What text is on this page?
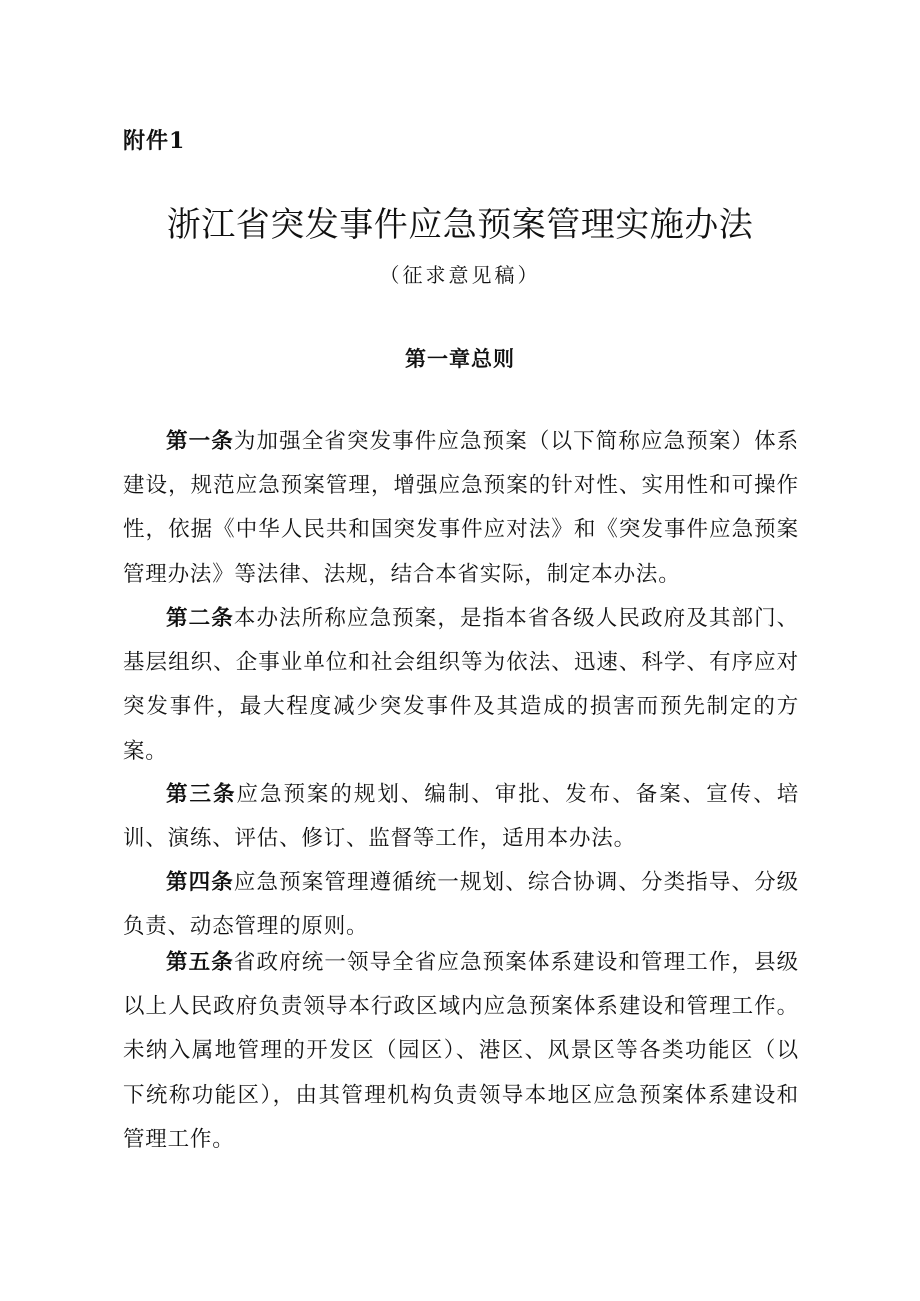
附件1
浙江省突发事件应急预案管理实施办法
（征求意见稿）
第一章总则

第一条为加强全省突发事件应急预案（以下简称应急预案）体系建设，规范应急预案管理，增强应急预案的针对性、实用性和可操作性，依据《中华人民共和国突发事件应对法》和《突发事件应急预案管理办法》等法律、法规，结合本省实际，制定本办法。

第二条本办法所称应急预案，是指本省各级人民政府及其部门、基层组织、企事业单位和社会组织等为依法、迅速、科学、有序应对突发事件，最大程度减少突发事件及其造成的损害而预先制定的方案。

第三条应急预案的规划、编制、审批、发布、备案、宣传、培训、演练、评估、修订、监督等工作，适用本办法。

第四条应急预案管理遵循统一规划、综合协调、分类指导、分级负责、动态管理的原则。

第五条省政府统一领导全省应急预案体系建设和管理工作，县级以上人民政府负责领导本行政区域内应急预案体系建设和管理工作。未纳入属地管理的开发区（园区）、港区、风景区等各类功能区（以下统称功能区），由其管理机构负责领导本地区应急预案体系建设和管理工作。
